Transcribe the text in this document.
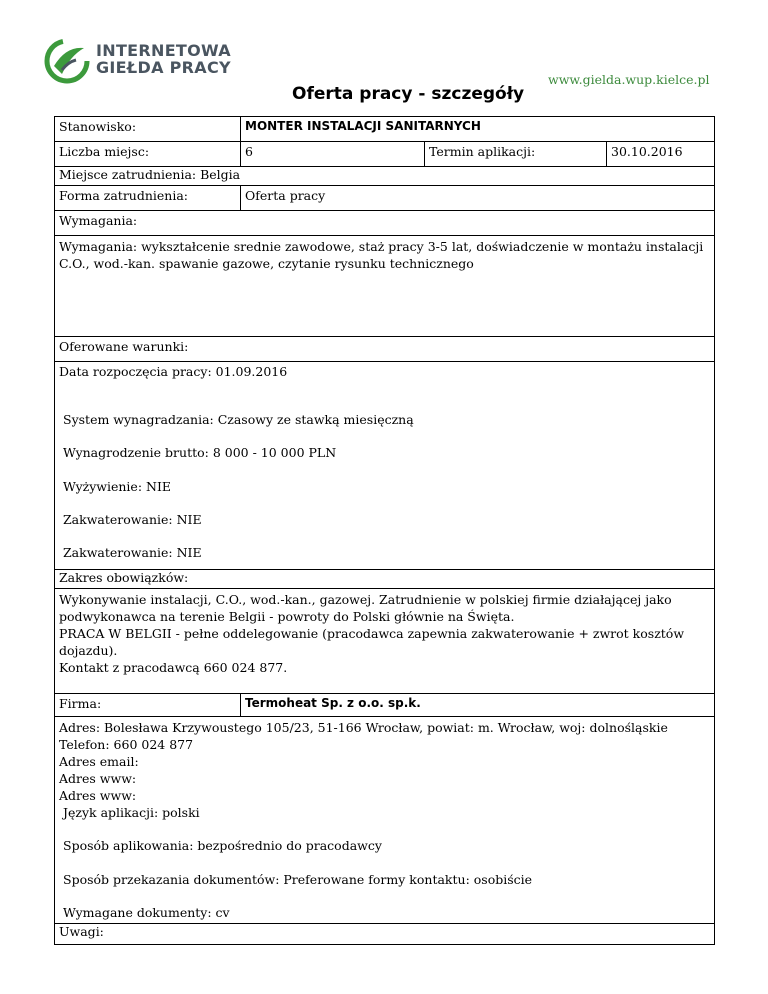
INTERNETOWA
GIEŁDA PRACY
www.gielda.wup.kielce.pl
Oferta pracy - szczegóły
Stanowisko:	MONTER INSTALACJI SANITARNYCH
Liczba miejsc:	6	Termin aplikacji:	30.10.2016
Miejsce zatrudnienia: Belgia
Forma zatrudnienia:	Oferta pracy
Wymagania:
Wymagania: wykształcenie srednie zawodowe, staż pracy 3-5 lat, doświadczenie w montażu instalacji C.O., wod.-kan. spawanie gazowe, czytanie rysunku technicznego
Oferowane warunki:
Data rozpoczęcia pracy: 01.09.2016
System wynagradzania: Czasowy ze stawką miesięczną
Wynagrodzenie brutto: 8 000 - 10 000 PLN
Wyżywienie: NIE
Zakwaterowanie: NIE
Zakwaterowanie: NIE
Zakres obowiązków:
Wykonywanie instalacji, C.O., wod.-kan., gazowej. Zatrudnienie w polskiej firmie działającej jako podwykonawca na terenie Belgii - powroty do Polski głównie na Święta.
PRACA W BELGII - pełne oddelegowanie (pracodawca zapewnia zakwaterowanie + zwrot kosztów dojazdu).
Kontakt z pracodawcą 660 024 877.
Firma:	Termoheat Sp. z o.o. sp.k.
Adres: Bolesława Krzywoustego 105/23, 51-166 Wrocław, powiat: m. Wrocław, woj: dolnośląskie
Telefon: 660 024 877
Adres email:
Adres www:
Adres www:
Język aplikacji: polski
Sposób aplikowania: bezpośrednio do pracodawcy
Sposób przekazania dokumentów: Preferowane formy kontaktu: osobiście
Wymagane dokumenty: cv
Uwagi:
